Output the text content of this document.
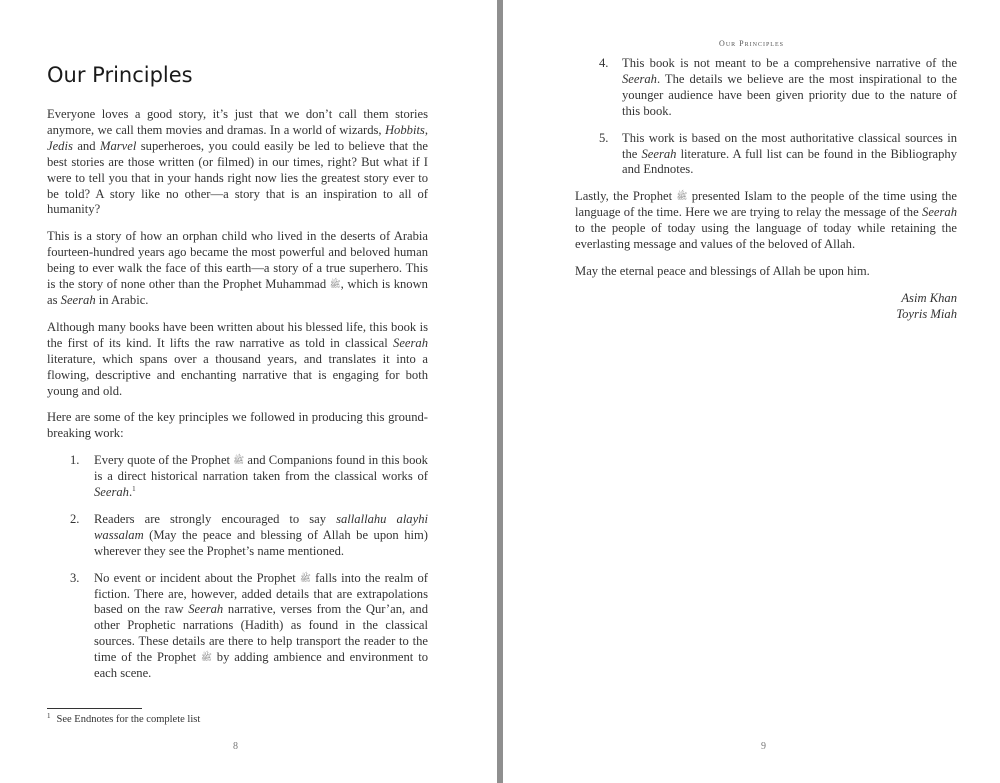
Our Principles

Everyone loves a good story, it’s just that we don’t call them stories anymore, we call them movies and dramas. In a world of wizards, Hobbits, Jedis and Marvel superheroes, you could easily be led to believe that the best stories are those written (or filmed) in our times, right? But what if I were to tell you that in your hands right now lies the greatest story ever to be told? A story like no other—a story that is an inspiration to all of humanity?

This is a story of how an orphan child who lived in the deserts of Arabia fourteen-hundred years ago became the most powerful and beloved human being to ever walk the face of this earth—a story of a true superhero. This is the story of none other than the Prophet Muhammad ﷺ, which is known as Seerah in Arabic.

Although many books have been written about his blessed life, this book is the first of its kind. It lifts the raw narrative as told in classical Seerah literature, which spans over a thousand years, and translates it into a flowing, descriptive and enchanting narrative that is engaging for both young and old.

Here are some of the key principles we followed in producing this ground-breaking work:

1. Every quote of the Prophet ﷺ and Companions found in this book is a direct historical narration taken from the classical works of Seerah.$^1$
2. Readers are strongly encouraged to say sallallahu alayhi wassalam (May the peace and blessing of Allah be upon him) wherever they see the Prophet’s name mentioned.
3. No event or incident about the Prophet ﷺ falls into the realm of fiction. There are, however, added details that are extrapolations based on the raw Seerah narrative, verses from the Qur’an, and other Prophetic narrations (Hadith) as found in the classical sources. These details are there to help transport the reader to the time of the Prophet ﷺ by adding ambience and environment to each scene.
$^1$ See Endnotes for the complete list
8
Our Principles
4. This book is not meant to be a comprehensive narrative of the Seerah. The details we believe are the most inspirational to the younger audience have been given priority due to the nature of this book.
5. This work is based on the most authoritative classical sources in the Seerah literature. A full list can be found in the Bibliography and Endnotes.

Lastly, the Prophet ﷺ presented Islam to the people of the time using the language of the time. Here we are trying to relay the message of the Seerah to the people of today using the language of today while retaining the everlasting message and values of the beloved of Allah.

May the eternal peace and blessings of Allah be upon him.

Asim Khan

Toyris Miah

9
